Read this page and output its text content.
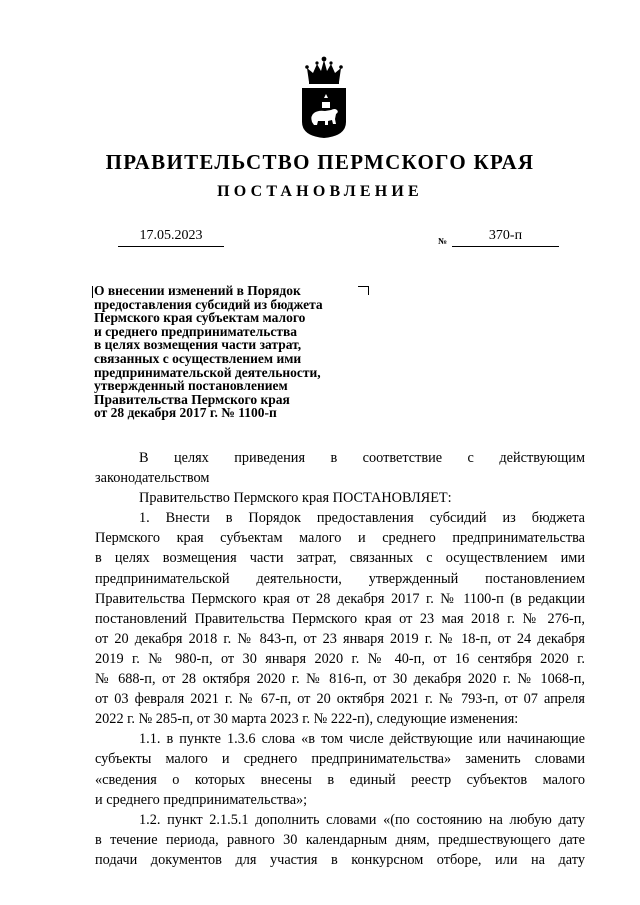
ПРАВИТЕЛЬСТВО ПЕРМСКОГО КРАЯ
ПОСТАНОВЛЕНИЕ
17.05.2023	№	370-п
О внесении изменений в Порядок
предоставления субсидий из бюджета
Пермского края субъектам малого
и среднего предпринимательства
в целях возмещения части затрат,
связанных с осуществлением ими
предпринимательской деятельности,
утвержденный постановлением
Правительства Пермского края
от 28 декабря 2017 г. № 1100-п

В целях приведения в соответствие с действующим

законодательством

Правительство Пермского края ПОСТАНОВЛЯЕТ:

1. Внести в Порядок предоставления субсидий из бюджета

Пермского края субъектам малого и среднего предпринимательства

в целях возмещения части затрат, связанных с осуществлением ими

предпринимательской деятельности, утвержденный постановлением

Правительства Пермского края от 28 декабря 2017 г. № 1100-п (в редакции

постановлений Правительства Пермского края от 23 мая 2018 г. № 276-п,

от 20 декабря 2018 г. № 843-п, от 23 января 2019 г. № 18-п, от 24 декабря

2019 г. № 980-п, от 30 января 2020 г. № 40-п, от 16 сентября 2020 г.

№ 688-п, от 28 октября 2020 г. № 816-п, от 30 декабря 2020 г. № 1068-п,

от 03 февраля 2021 г. № 67-п, от 20 октября 2021 г. № 793-п, от 07 апреля

2022 г. № 285-п, от 30 марта 2023 г. № 222-п), следующие изменения:

1.1. в пункте 1.3.6 слова «в том числе действующие или начинающие

субъекты малого и среднего предпринимательства» заменить словами

«сведения о которых внесены в единый реестр субъектов малого

и среднего предпринимательства»;

1.2. пункт 2.1.5.1 дополнить словами «(по состоянию на любую дату

в течение периода, равного 30 календарным дням, предшествующего дате

подачи документов для участия в конкурсном отборе, или на дату
